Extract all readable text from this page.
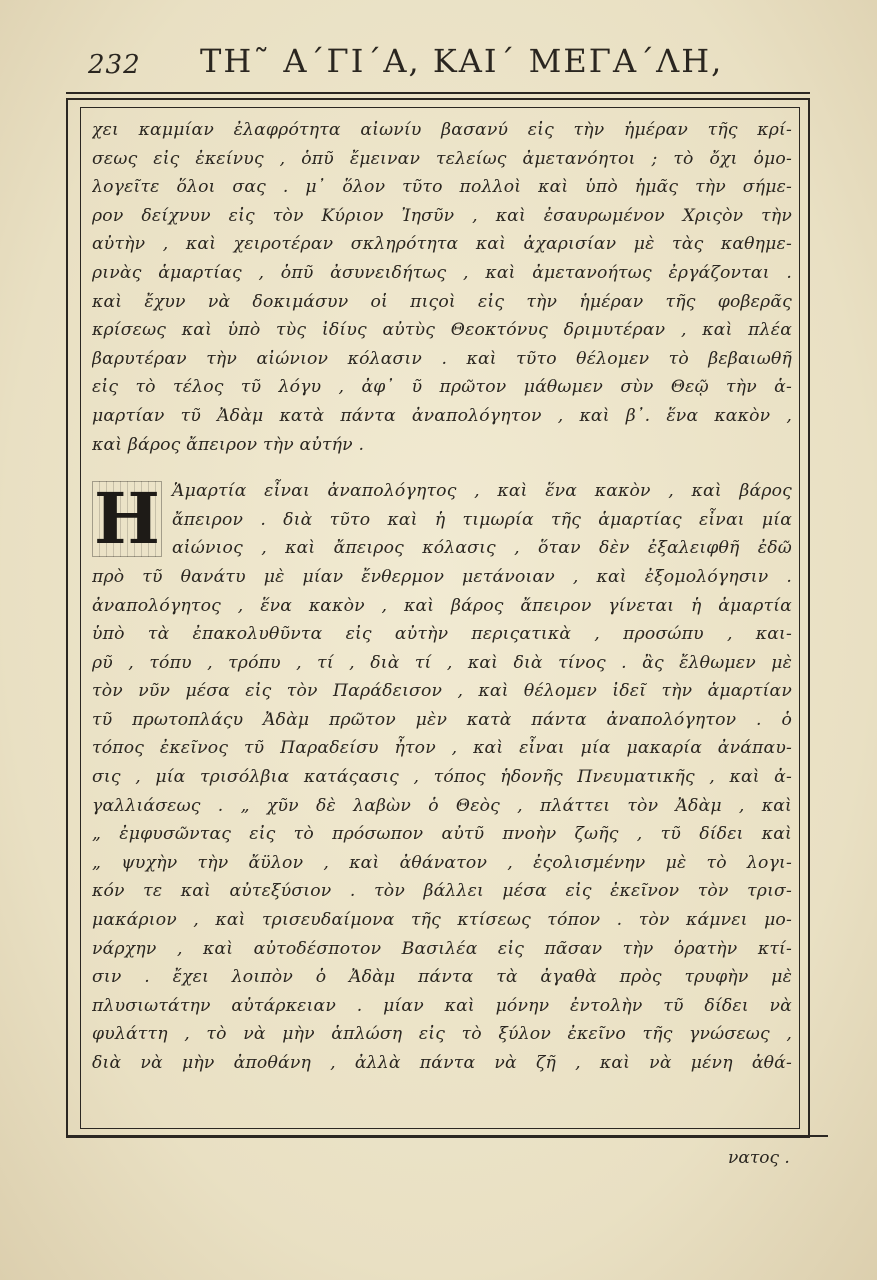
232 ΤΗ˜ Α΄ΓΙ΄Α, ΚΑΙ΄ ΜΕΓΑ΄ΛΗ,
χει καμμίαν ἐλαφρότητα αἰωνίυ βασανύ εἰς τὴν ἡμέραν τῆς κρί-
σεως εἰς ἐκείνυς , ὁπῦ ἔμειναν τελείως ἀμετανόητοι ; τὸ ὄχι ὁμο-
λογεῖτε ὅλοι σας . μ᾽ ὅλον τῦτο πολλοὶ καὶ ὑπὸ ἡμᾶς τὴν σήμε-
ρον δείχνυν εἰς τὸν Κύριον Ἰησῦν , καὶ ἐσαυρωμένον Χριςὸν τὴν
αὐτὴν , καὶ χειροτέραν σκληρότητα καὶ ἀχαρισίαν μὲ τὰς καθημε-
ρινὰς ἁμαρτίας , ὁπῦ ἀσυνειδήτως , καὶ ἀμετανοήτως ἐργάζονται .
καὶ ἔχυν νὰ δοκιμάσυν οἱ πιςοὶ εἰς τὴν ἡμέραν τῆς φοβερᾶς
κρίσεως καὶ ὑπὸ τὺς ἰδίυς αὐτὺς Θεοκτόνυς δριμυτέραν , καὶ πλέα
βαρυτέραν τὴν αἰώνιον κόλασιν . καὶ τῦτο θέλομεν τὸ βεβαιωθῆ
εἰς τὸ τέλος τῦ λόγυ , ἀφ᾽ ῦ πρῶτον μάθωμεν σὺν Θεῷ τὴν ἁ-
μαρτίαν τῦ Ἀδὰμ κατὰ πάντα ἀναπολόγητον , καὶ β᾽. ἕνα κακὸν ,
καὶ βάρος ἄπειρον τὴν αὐτήν .
Η Ἁμαρτία εἶναι ἀναπολόγητος , καὶ ἕνα κακὸν , καὶ βάρος
ἄπειρον . διὰ τῦτο καὶ ἡ τιμωρία τῆς ἁμαρτίας εἶναι μία
αἰώνιος , καὶ ἄπειρος κόλασις , ὅταν δὲν ἐξαλειφθῆ ἐδῶ
πρὸ τῦ θανάτυ μὲ μίαν ἔνθερμον μετάνοιαν , καὶ ἐξομολόγησιν .
ἀναπολόγητος , ἕνα κακὸν , καὶ βάρος ἄπειρον γίνεται ἡ ἁμαρτία
ὑπὸ τὰ ἐπακολυθῦντα εἰς αὐτὴν περιςατικὰ , προσώπυ , και-
ρῦ , τόπυ , τρόπυ , τί , διὰ τί , καὶ διὰ τίνος . ἂς ἔλθωμεν μὲ
τὸν νῦν μέσα εἰς τὸν Παράδεισον , καὶ θέλομεν ἰδεῖ τὴν ἁμαρτίαν
τῦ πρωτοπλάςυ Ἀδὰμ πρῶτον μὲν κατὰ πάντα ἀναπολόγητον . ὁ
τόπος ἐκεῖνος τῦ Παραδείσυ ἦτον , καὶ εἶναι μία μακαρία ἀνάπαυ-
σις , μία τρισόλβια κατάςασις , τόπος ἡδονῆς Πνευματικῆς , καὶ ἀ-
γαλλιάσεως . „ χῦν δὲ λαβὼν ὁ Θεὸς , πλάττει τὸν Ἀδὰμ , καὶ
„ ἐμφυσῶντας εἰς τὸ πρόσωπον αὐτῦ πνοὴν ζωῆς , τῦ δίδει καὶ
„ ψυχὴν τὴν ἄϋλον , καὶ ἀθάνατον , ἐςολισμένην μὲ τὸ λογι-
κόν τε καὶ αὐτεξύσιον . τὸν βάλλει μέσα εἰς ἐκεῖνον τὸν τρισ-
μακάριον , καὶ τρισευδαίμονα τῆς κτίσεως τόπον . τὸν κάμνει μο-
νάρχην , καὶ αὐτοδέσποτον Βασιλέα εἰς πᾶσαν τὴν ὁρατὴν κτί-
σιν . ἔχει λοιπὸν ὁ Ἀδὰμ πάντα τὰ ἀγαθὰ πρὸς τρυφὴν μὲ
πλυσιωτάτην αὐτάρκειαν . μίαν καὶ μόνην ἐντολὴν τῦ δίδει νὰ
φυλάττη , τὸ νὰ μὴν ἁπλώση εἰς τὸ ξύλον ἐκεῖνο τῆς γνώσεως ,
διὰ νὰ μὴν ἀποθάνη , ἀλλὰ πάντα νὰ ζῆ , καὶ νὰ μένη ἀθά-
νατος .
